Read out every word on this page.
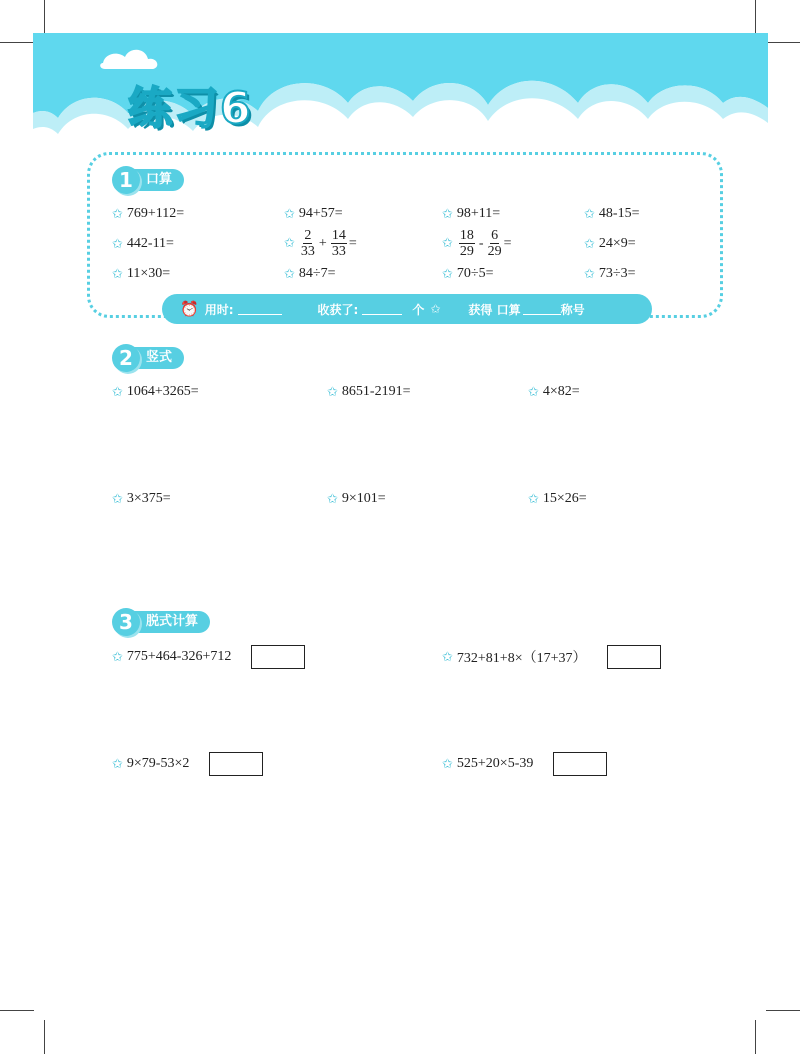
练习6
1	口算
✩ 769+112=	✩ 94+57=	✩ 98+11=	✩ 48-15=
✩ 442-11=	✩ $\frac{2}{33} + \frac{14}{33}$ =	✩ $\frac{18}{29} - \frac{6}{29}$ =	✩ 24×9=
✩ 11×30=	✩ 84÷7=	✩ 70÷5=	✩ 73÷3=
⏰ 用时:	收获了:	个 ✩ 获得 口算	称号
2	竖式
✩ 1064+3265=	✩ 8651-2191=	✩ 4×82=
✩ 3×375=	✩ 9×101=	✩ 15×26=
3	脱式计算
✩ 775+464-326+712	✩ 732+81+8×（17+37）
✩ 9×79-53×2	✩ 525+20×5-39
